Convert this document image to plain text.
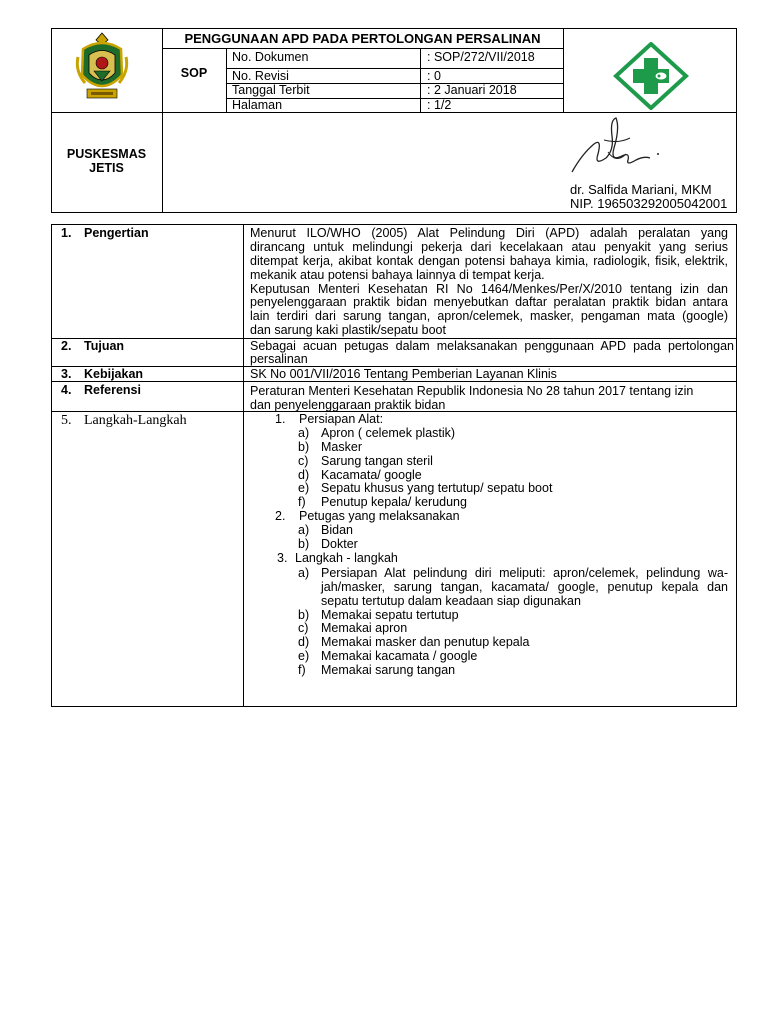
PENGGUNAAN APD PADA PERTOLONGAN PERSALINAN
SOP
No. Dokumen	: SOP/272/VII/2018
No. Revisi	: 0
Tanggal Terbit	: 2 Januari 2018
Halaman	: 1/2
PUSKESMAS
JETIS
dr. Salfida Mariani, MKM
NIP. 196503292005042001
1. Pengertian	Menurut ILO/WHO (2005) Alat Pelindung Diri (APD) adalah peralatan yang
dirancang untuk melindungi pekerja dari kecelakaan atau penyakit yang serius
ditempat kerja, akibat kontak dengan potensi bahaya kimia, radiologik, fisik, elektrik,
mekanik atau potensi bahaya lainnya di tempat kerja.
Keputusan Menteri Kesehatan RI No 1464/Menkes/Per/X/2010 tentang izin dan
penyelenggaraan praktik bidan menyebutkan daftar peralatan praktik bidan antara
lain terdiri dari sarung tangan, apron/celemek, masker, pengaman mata (google)
dan sarung kaki plastik/sepatu boot
2. Tujuan	Sebagai acuan petugas dalam melaksanakan penggunaan APD pada pertolongan
persalinan
3. Kebijakan	SK No 001/VII/2016 Tentang Pemberian Layanan Klinis
4. Referensi	Peraturan Menteri Kesehatan Republik Indonesia No 28 tahun 2017 tentang izin
dan penyelenggaraan praktik bidan
5. Langkah-Langkah	1. Persiapan Alat:
a) Apron ( celemek plastik)
b) Masker
c) Sarung tangan steril
d) Kacamata/ google
e) Sepatu khusus yang tertutup/ sepatu boot
f) Penutup kepala/ kerudung
2. Petugas yang melaksanakan
a) Bidan
b) Dokter
3. Langkah - langkah
a) Persiapan Alat pelindung diri meliputi: apron/celemek, pelindung wa-
jah/masker, sarung tangan, kacamata/ google, penutup kepala dan
sepatu tertutup dalam keadaan siap digunakan
b) Memakai sepatu tertutup
c) Memakai apron
d) Memakai masker dan penutup kepala
e) Memakai kacamata / google
f) Memakai sarung tangan
